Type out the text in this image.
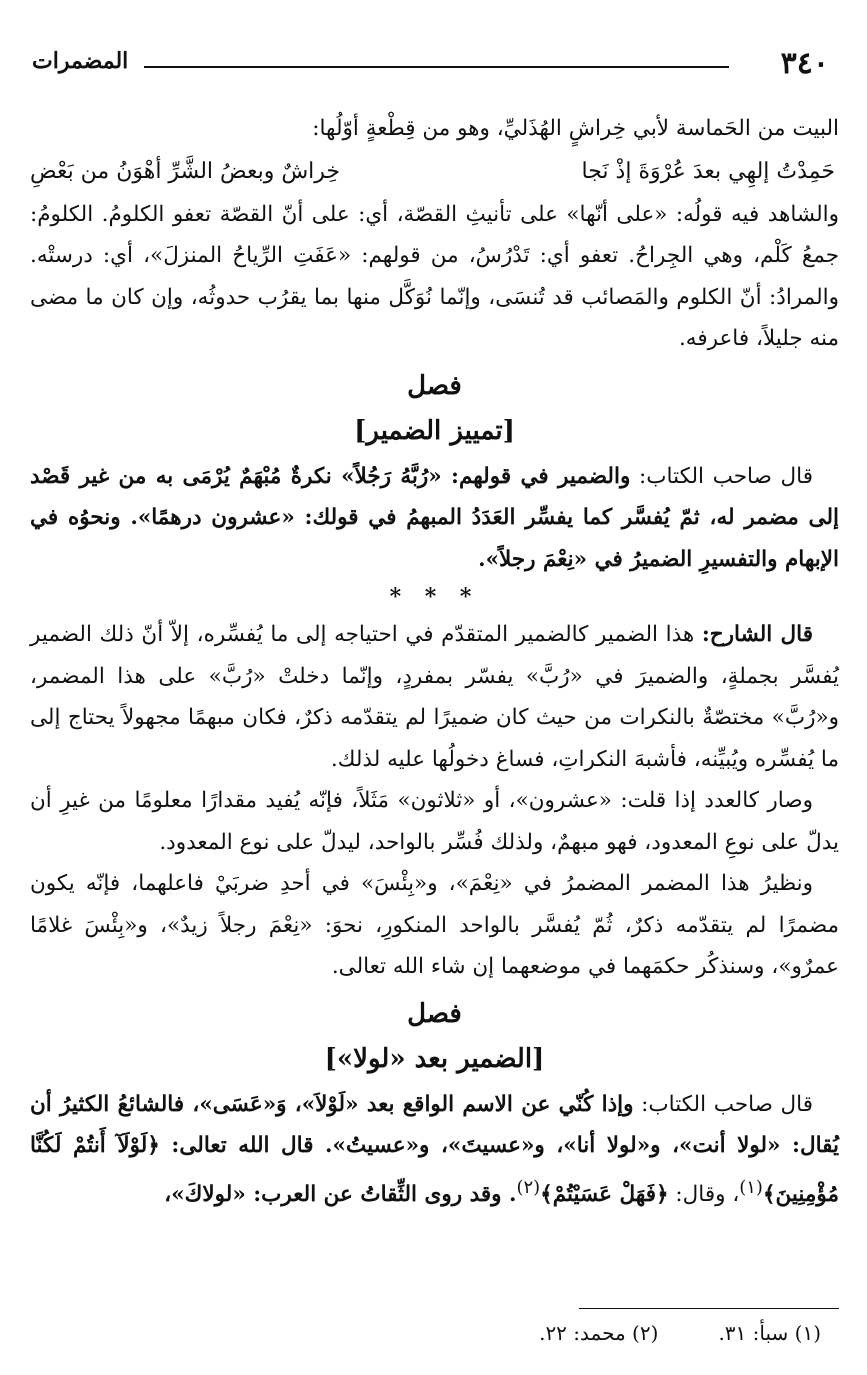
٣٤٠
المضمرات

البيت من الحَماسة لأبي خِراشٍ الهُذَليِّ، وهو من قِطْعةٍ أوّلُها:

حَمِدْتُ إلهِي بعدَ عُرْوَةَ إذْ نَجا
خِراشٌ وبعضُ الشَّرِّ أهْوَنُ من بَعْضِ

والشاهد فيه قولُه: «على أنّها» على تأنيثِ القصّة، أي: على أنّ القصّة تعفو الكلومُ. الكلومُ: جمعُ كَلْم، وهي الجِراحُ. تعفو أي: تَدْرُسُ، من قولهم: «عَفَتِ الرِّياحُ المنزلَ»، أي: درستْه. والمرادُ: أنّ الكلوم والمَصائب قد تُنسَى، وإنّما نُوَكَّل منها بما يقرُب حدوثُه، وإن كان ما مضى منه جليلاً، فاعرفه.

فصل
[تمييز الضمير]

قال صاحب الكتاب: والضمير في قولهم: «رُبَّهُ رَجُلاً» نكرةٌ مُبْهَمٌ يُرْمَى به من غير قَصْد إلى مضمر له، ثمّ يُفسَّر كما يفسِّر العَدَدُ المبهمُ في قولك: «عشرون درهمًا». ونحوُه في الإبهام والتفسيرِ الضميرُ في «نِعْمَ رجلاً».

* * *

قال الشارح: هذا الضمير كالضمير المتقدّم في احتياجه إلى ما يُفسِّره، إلاّ أنّ ذلك الضمير يُفسَّر بجملةٍ، والضميرَ في «رُبَّ» يفسّر بمفردٍ، وإنّما دخلتْ «رُبَّ» على هذا المضمر، و«رُبَّ» مختصّةٌ بالنكرات من حيث كان ضميرًا لم يتقدّمه ذكرٌ، فكان مبهمًا مجهولاً يحتاج إلى ما يُفسِّره ويُبيِّنه، فأشبهَ النكراتِ، فساغ دخولُها عليه لذلك.

وصار كالعدد إذا قلت: «عشرون»، أو «ثلاثون» مَثَلاً، فإنّه يُفيد مقدارًا معلومًا من غيرِ أن يدلّ على نوعِ المعدود، فهو مبهمٌ، ولذلك فُسِّر بالواحد، ليدلّ على نوع المعدود.

ونظيرُ هذا المضمر المضمرُ في «نِعْمَ»، و«بِئْسَ» في أحدِ ضربَيْ فاعلهما، فإنّه يكون مضمرًا لم يتقدّمه ذكرٌ، ثُمّ يُفسَّر بالواحد المنكورِ، نحوَ: «نِعْمَ رجلاً زيدٌ»، و«بِئْسَ غلامًا عمرٌو»، وسنذكُر حكمَهما في موضعهما إن شاء الله تعالى.

فصل
[الضمير بعد «لولا»]

قال صاحب الكتاب: وإذا كُنّي عن الاسم الواقع بعد «لَوْلاَ»، وَ«عَسَى»، فالشائعُ الكثيرُ أن يُقال: «لولا أنت»، و«لولا أنا»، و«عسيتَ»، و«عسيتُ». قال الله تعالى: ﴿لَوْلَآ أَنتُمْ لَكُنَّا مُؤْمِنِينَ﴾$^{(١)}$، وقال: ﴿فَهَلْ عَسَيْتُمْ﴾$^{(٢)}$. وقد روى الثِّقاتُ عن العرب: «لولاكَ»،

(١) سبأ: ٣١.
(٢) محمد: ٢٢.
